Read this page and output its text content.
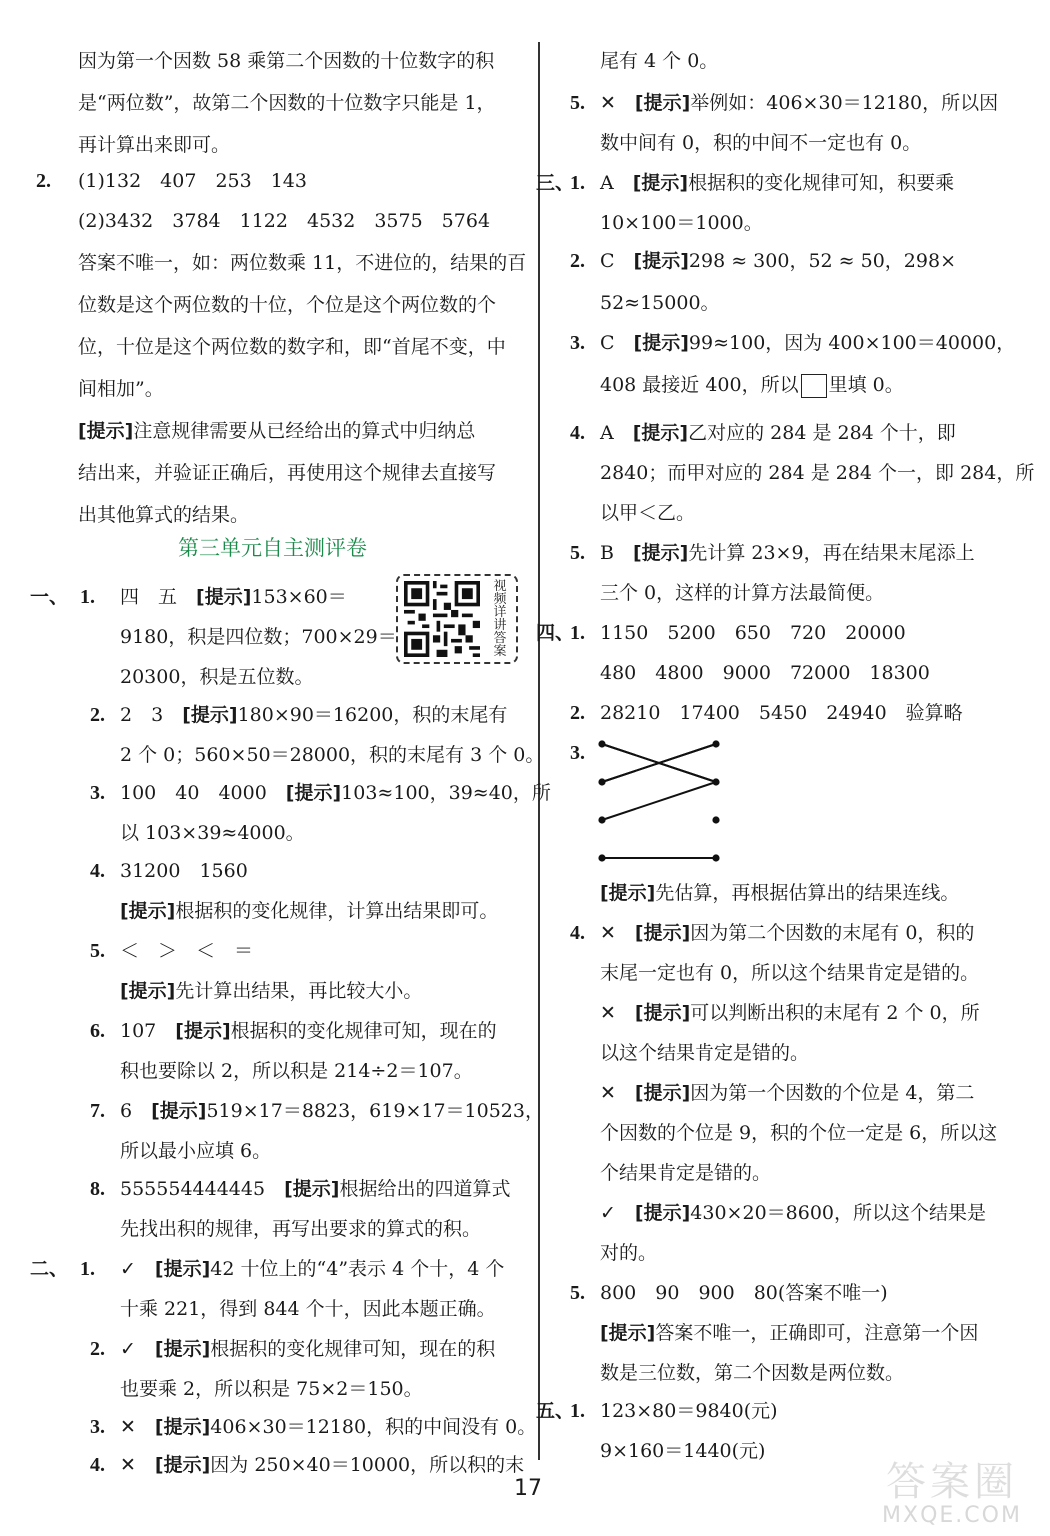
因为第一个因数 58 乘第二个因数的十位数字的积
是“两位数”，故第二个因数的十位数字只能是 1，
再计算出来即可。
2. (1)132　407　253　143
(2)3432　3784　1122　4532　3575　5764
答案不唯一，如：两位数乘 11，不进位的，结果的百
位数是这个两位数的十位，个位是这个两位数的个
位，十位是这个两位数的数字和，即“首尾不变，中
间相加”。
[提示]注意规律需要从已经给出的算式中归纳总
结出来，并验证正确后，再使用这个规律去直接写
出其他算式的结果。
第三单元自主测评卷
视频详讲答案
一、 1. 四　五　[提示]153×60＝
9180，积是四位数；700×29＝
20300，积是五位数。
2. 2　3　[提示]180×90＝16200，积的末尾有
2 个 0；560×50＝28000，积的末尾有 3 个 0。
3. 100　40　4000　[提示]103≈100，39≈40，所
以 103×39≈4000。
4. 31200　1560
[提示]根据积的变化规律，计算出结果即可。
5. ＜　＞　＜　＝
[提示]先计算出结果，再比较大小。
6. 107　[提示]根据积的变化规律可知，现在的
积也要除以 2，所以积是 214÷2＝107。
7. 6　[提示]519×17＝8823，619×17＝10523，
所以最小应填 6。
8. 555554444445　[提示]根据给出的四道算式
先找出积的规律，再写出要求的算式的积。
二、 1. ✓　[提示]42 十位上的“4”表示 4 个十，4 个
十乘 221，得到 844 个十，因此本题正确。
2. ✓　[提示]根据积的变化规律可知，现在的积
也要乘 2，所以积是 75×2＝150。
3. ✕　[提示]406×30＝12180，积的中间没有 0。
4. ✕　[提示]因为 250×40＝10000，所以积的末
尾有 4 个 0。
5. ✕　[提示]举例如：406×30＝12180，所以因
数中间有 0，积的中间不一定也有 0。
三、
1. A　[提示]根据积的变化规律可知，积要乘
10×100＝1000。
2. C　[提示]298 ≈ 300，52 ≈ 50，298×
52≈15000。
3. C　[提示]99≈100，因为 400×100＝40000，
408 最接近 400，所以 里填 0。
4. A　[提示]乙对应的 284 是 284 个十，即
2840；而甲对应的 284 是 284 个一，即 284，所
以甲＜乙。
5. B　[提示]先计算 23×9，再在结果末尾添上
三个 0，这样的计算方法最简便。
四、
1. 1150　5200　650　720　20000
480　4800　9000　72000　18300
2. 28210　17400　5450　24940　验算略
3.
[提示]先估算，再根据估算出的结果连线。
4. ✕　[提示]因为第二个因数的末尾有 0，积的
末尾一定也有 0，所以这个结果肯定是错的。
✕　[提示]可以判断出积的末尾有 2 个 0，所
以这个结果肯定是错的。
✕　[提示]因为第一个因数的个位是 4，第二
个因数的个位是 9，积的个位一定是 6，所以这
个结果肯定是错的。
✓　[提示]430×20＝8600，所以这个结果是
对的。
5. 800　90　900　80(答案不唯一)
[提示]答案不唯一，正确即可，注意第一个因
数是三位数，第二个因数是两位数。
五、
1. 123×80＝9840(元)
9×160＝1440(元)
17	答案圈
MXQE.COM
